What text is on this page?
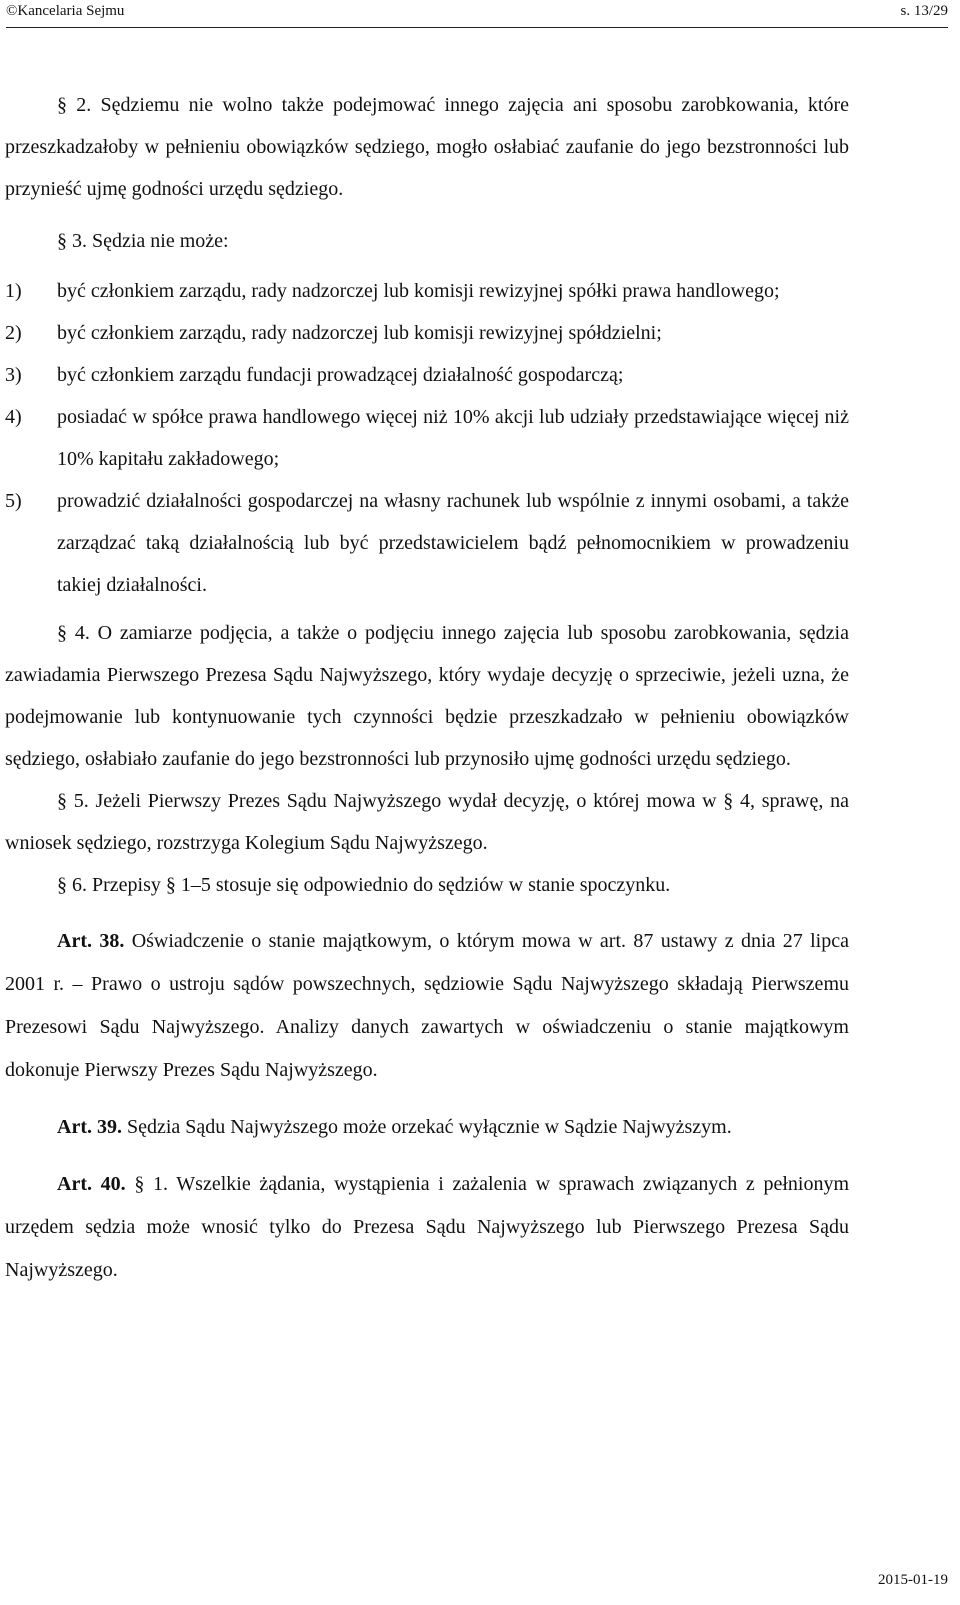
©Kancelaria Sejmu	s. 13/29

§ 2. Sędziemu nie wolno także podejmować innego zajęcia ani sposobu zarobkowania, które przeszkadzałoby w pełnieniu obowiązków sędziego, mogło osłabiać zaufanie do jego bezstronności lub przynieść ujmę godności urzędu sędziego.

§ 3. Sędzia nie może:

1)	być członkiem zarządu, rady nadzorczej lub komisji rewizyjnej spółki prawa handlowego;
2)	być członkiem zarządu, rady nadzorczej lub komisji rewizyjnej spółdzielni;
3)	być członkiem zarządu fundacji prowadzącej działalność gospodarczą;
4)	posiadać w spółce prawa handlowego więcej niż 10% akcji lub udziały przedstawiające więcej niż 10% kapitału zakładowego;
5)	prowadzić działalności gospodarczej na własny rachunek lub wspólnie z innymi osobami, a także zarządzać taką działalnością lub być przedstawicielem bądź pełnomocnikiem w prowadzeniu takiej działalności.

§ 4. O zamiarze podjęcia, a także o podjęciu innego zajęcia lub sposobu zarobkowania, sędzia zawiadamia Pierwszego Prezesa Sądu Najwyższego, który wydaje decyzję o sprzeciwie, jeżeli uzna, że podejmowanie lub kontynuowanie tych czynności będzie przeszkadzało w pełnieniu obowiązków sędziego, osłabiało zaufanie do jego bezstronności lub przynosiło ujmę godności urzędu sędziego.

§ 5. Jeżeli Pierwszy Prezes Sądu Najwyższego wydał decyzję, o której mowa w § 4, sprawę, na wniosek sędziego, rozstrzyga Kolegium Sądu Najwyższego.

§ 6. Przepisy § 1–5 stosuje się odpowiednio do sędziów w stanie spoczynku.

Art. 38. Oświadczenie o stanie majątkowym, o którym mowa w art. 87 ustawy z dnia 27 lipca 2001 r. – Prawo o ustroju sądów powszechnych, sędziowie Sądu Najwyższego składają Pierwszemu Prezesowi Sądu Najwyższego. Analizy danych zawartych w oświadczeniu o stanie majątkowym dokonuje Pierwszy Prezes Sądu Najwyższego.

Art. 39. Sędzia Sądu Najwyższego może orzekać wyłącznie w Sądzie Najwyższym.

Art. 40. § 1. Wszelkie żądania, wystąpienia i zażalenia w sprawach związanych z pełnionym urzędem sędzia może wnosić tylko do Prezesa Sądu Najwyższego lub Pierwszego Prezesa Sądu Najwyższego.

2015-01-19
